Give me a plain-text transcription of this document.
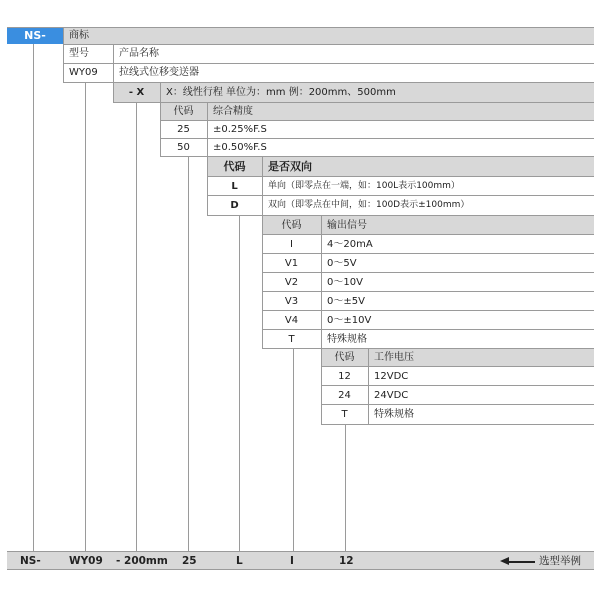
NS-	商标
型号	产品名称
WY09	拉线式位移变送器
- X	X：线性行程 单位为：mm 例：200mm、500mm
代码	综合精度
25	±0.25%F.S
50	±0.50%F.S
代码	是否双向
L	单向（即零点在一端，如：100L表示100mm）
D	双向（即零点在中间，如：100D表示±100mm）
代码	输出信号
I	4～20mA
V1	0～5V
V2	0～10V
V3	0～±5V
V4	0～±10V
T	特殊规格
代码	工作电压
12	12VDC
24	24VDC
T	特殊规格
NS-	WY09 - 200mm 25	L	I	12	选型举例
